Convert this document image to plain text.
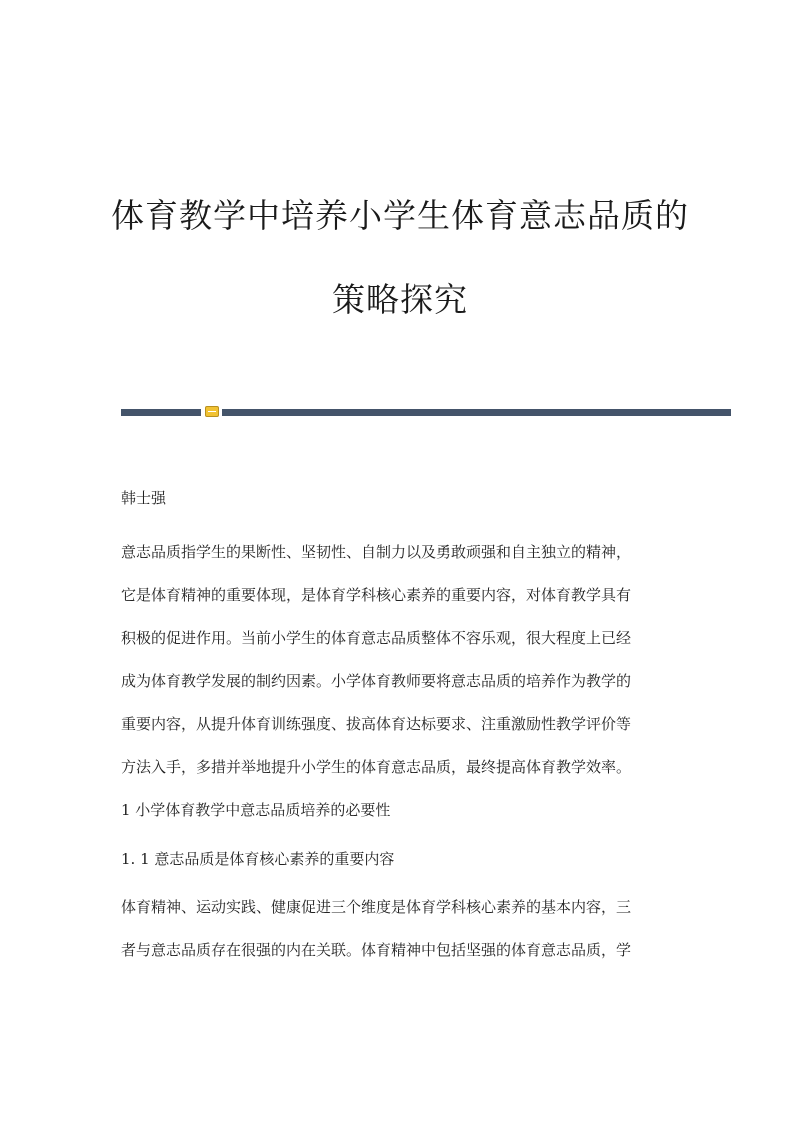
体育教学中培养小学生体育意志品质的
策略探究
韩士强
意志品质指学生的果断性、坚韧性、自制力以及勇敢顽强和自主独立的精神，
它是体育精神的重要体现，是体育学科核心素养的重要内容，对体育教学具有
积极的促进作用。当前小学生的体育意志品质整体不容乐观，很大程度上已经
成为体育教学发展的制约因素。小学体育教师要将意志品质的培养作为教学的
重要内容，从提升体育训练强度、拔高体育达标要求、注重激励性教学评价等
方法入手，多措并举地提升小学生的体育意志品质，最终提高体育教学效率。
1 小学体育教学中意志品质培养的必要性
1. 1 意志品质是体育核心素养的重要内容
体育精神、运动实践、健康促进三个维度是体育学科核心素养的基本内容，三
者与意志品质存在很强的内在关联。体育精神中包括坚强的体育意志品质，学
